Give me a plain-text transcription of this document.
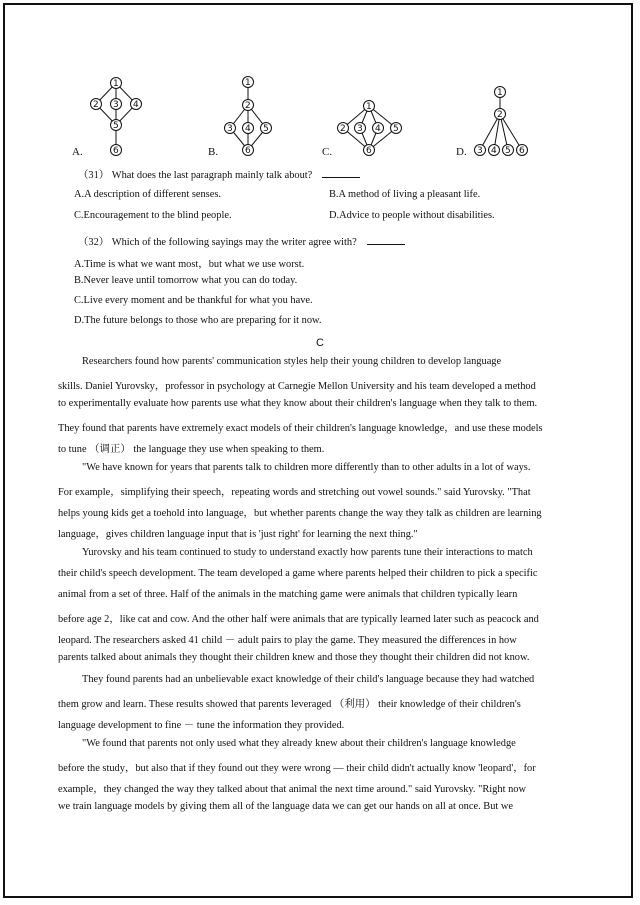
1
2 3 4
5
6
A.
1
2
3 4 5
6
B.
1
2 3 4 5
6
C.
1
2
3 4 5 6
D.
（31） What does the last paragraph mainly talk about?
A.A description of different senses.	B.A method of living a pleasant life.
C.Encouragement to the blind people.	D.Advice to people without disabilities.
（32） Which of the following sayings may the writer agree with?
A.Time is what we want most，but what we use worst.
B.Never leave until tomorrow what you can do today.
C.Live every moment and be thankful for what you have.
D.The future belongs to those who are preparing for it now.
C
Researchers found how parents' communication styles help their young children to develop language
skills. Daniel Yurovsky，professor in psychology at Carnegie Mellon University and his team developed a method
to experimentally evaluate how parents use what they know about their children's language when they talk to them.
They found that parents have extremely exact models of their children's language knowledge，and use these models
to tune （调正） the language they use when speaking to them.
"We have known for years that parents talk to children more differently than to other adults in a lot of ways.
For example，simplifying their speech，repeating words and stretching out vowel sounds." said Yurovsky. "That
helps young kids get a toehold into language，but whether parents change the way they talk as children are learning
language，gives children language input that is 'just right' for learning the next thing."
Yurovsky and his team continued to study to understand exactly how parents tune their interactions to match
their child's speech development. The team developed a game where parents helped their children to pick a specific
animal from a set of three. Half of the animals in the matching game were animals that children typically learn
before age 2，like cat and cow. And the other half were animals that are typically learned later such as peacock and
leopard. The researchers asked 41 child － adult pairs to play the game. They measured the differences in how
parents talked about animals they thought their children knew and those they thought their children did not know.
They found parents had an unbelievable exact knowledge of their child's language because they had watched
them grow and learn. These results showed that parents leveraged （利用） their knowledge of their children's
language development to fine － tune the information they provided.
"We found that parents not only used what they already knew about their children's language knowledge
before the study，but also that if they found out they were wrong — their child didn't actually know 'leopard'，for
example，they changed the way they talked about that animal the next time around." said Yurovsky. "Right now
we train language models by giving them all of the language data we can get our hands on all at once. But we
